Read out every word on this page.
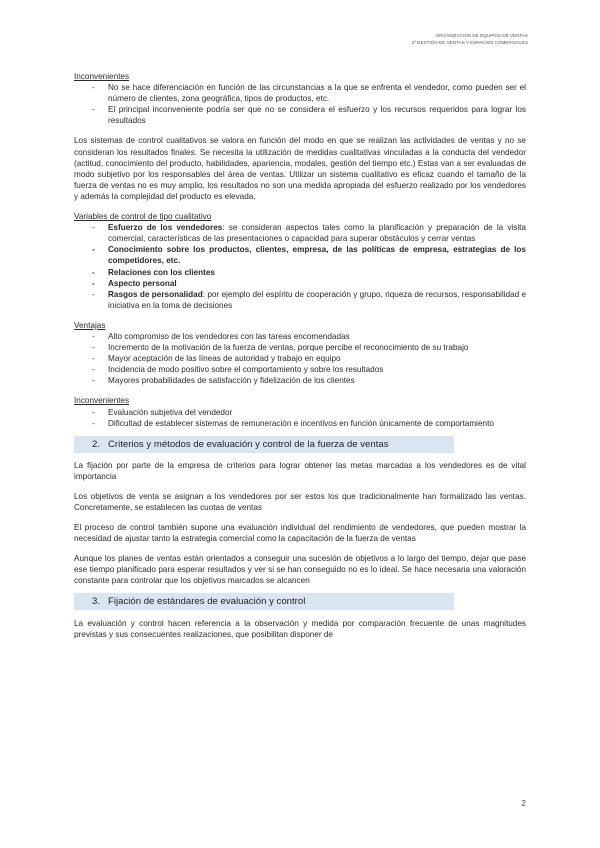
ORGANIZACIÓN DE EQUIPOS DE VENTAS
2º GESTIÓN DE VENTAS Y ESPACIOS COMERCIALES

Inconvenientes

- No se hace diferenciación en función de las circunstancias a la que se enfrenta el vendedor, como pueden ser el número de clientes, zona geográfica, tipos de productos, etc.
- El principal inconveniente podría ser que no se considera el esfuerzo y los recursos requeridos para lograr los resultados

Los sistemas de control cualitativos se valora en función del modo en que se realizan las actividades de ventas y no se consideran los resultados finales. Se necesita la utilización de medidas cualitativas vinculadas a la conducta del vendedor (actitud, conocimiento del producto, habilidades, apariencia, modales, gestión del tiempo etc.) Estas van a ser evaluadas de modo subjetivo por los responsables del área de ventas. Utilizar un sistema cualitativo es eficaz cuando el tamaño de la fuerza de ventas no es muy amplio, los resultados no son una medida apropiada del esfuerzo realizado por los vendedores y además la complejidad del producto es elevada.

Variables de control de tipo cualitativo

- Esfuerzo de los vendedores: se consideran aspectos tales como la planificación y preparación de la visita comercial, características de las presentaciones o capacidad para superar obstáculos y cerrar ventas
- Conocimiento sobre los productos, clientes, empresa, de las políticas de empresa, estrategias de los competidores, etc.
- Relaciones con los clientes
- Aspecto personal
- Rasgos de personalidad: por ejemplo del espíritu de cooperación y grupo, riqueza de recursos, responsabilidad e iniciativa en la toma de decisiones

Ventajas

- Alto compromiso de los vendedores con las tareas encomendadas
- Incremento de la motivación de la fuerza de ventas, porque percibe el reconocimiento de su trabajo
- Mayor aceptación de las líneas de autoridad y trabajo en equipo
- Incidencia de modo positivo sobre el comportamiento y sobre los resultados
- Mayores probabilidades de satisfacción y fidelización de los clientes

Inconvenientes

- Evaluación subjetiva del vendedor
- Dificultad de establecer sistemas de remuneración e incentivos en función únicamente de comportamiento
2. Criterios y métodos de evaluación y control de la fuerza de ventas

La fijación por parte de la empresa de criterios para lograr obtener las metas marcadas a los vendedores es de vital importancia

Los objetivos de venta se asignan a los vendedores por ser estos los que tradicionalmente han formalizado las ventas. Concretamente, se establecen las cuotas de ventas

El proceso de control también supone una evaluación individual del rendimiento de vendedores, que pueden mostrar la necesidad de ajustar tanto la estrategia comercial como la capacitación de la fuerza de ventas

Aunque los planes de ventas están orientados a conseguir una sucesión de objetivos a lo largo del tiempo, dejar que pase ese tiempo planificado para esperar resultados y ver si se han conseguido no es lo ideal. Se hace necesaria una valoración constante para controlar que los objetivos marcados se alcancen

3. Fijación de estándares de evaluación y control

La evaluación y control hacen referencia a la observación y medida por comparación frecuente de unas magnitudes previstas y sus consecuentes realizaciones, que posibilitan disponer de

2
